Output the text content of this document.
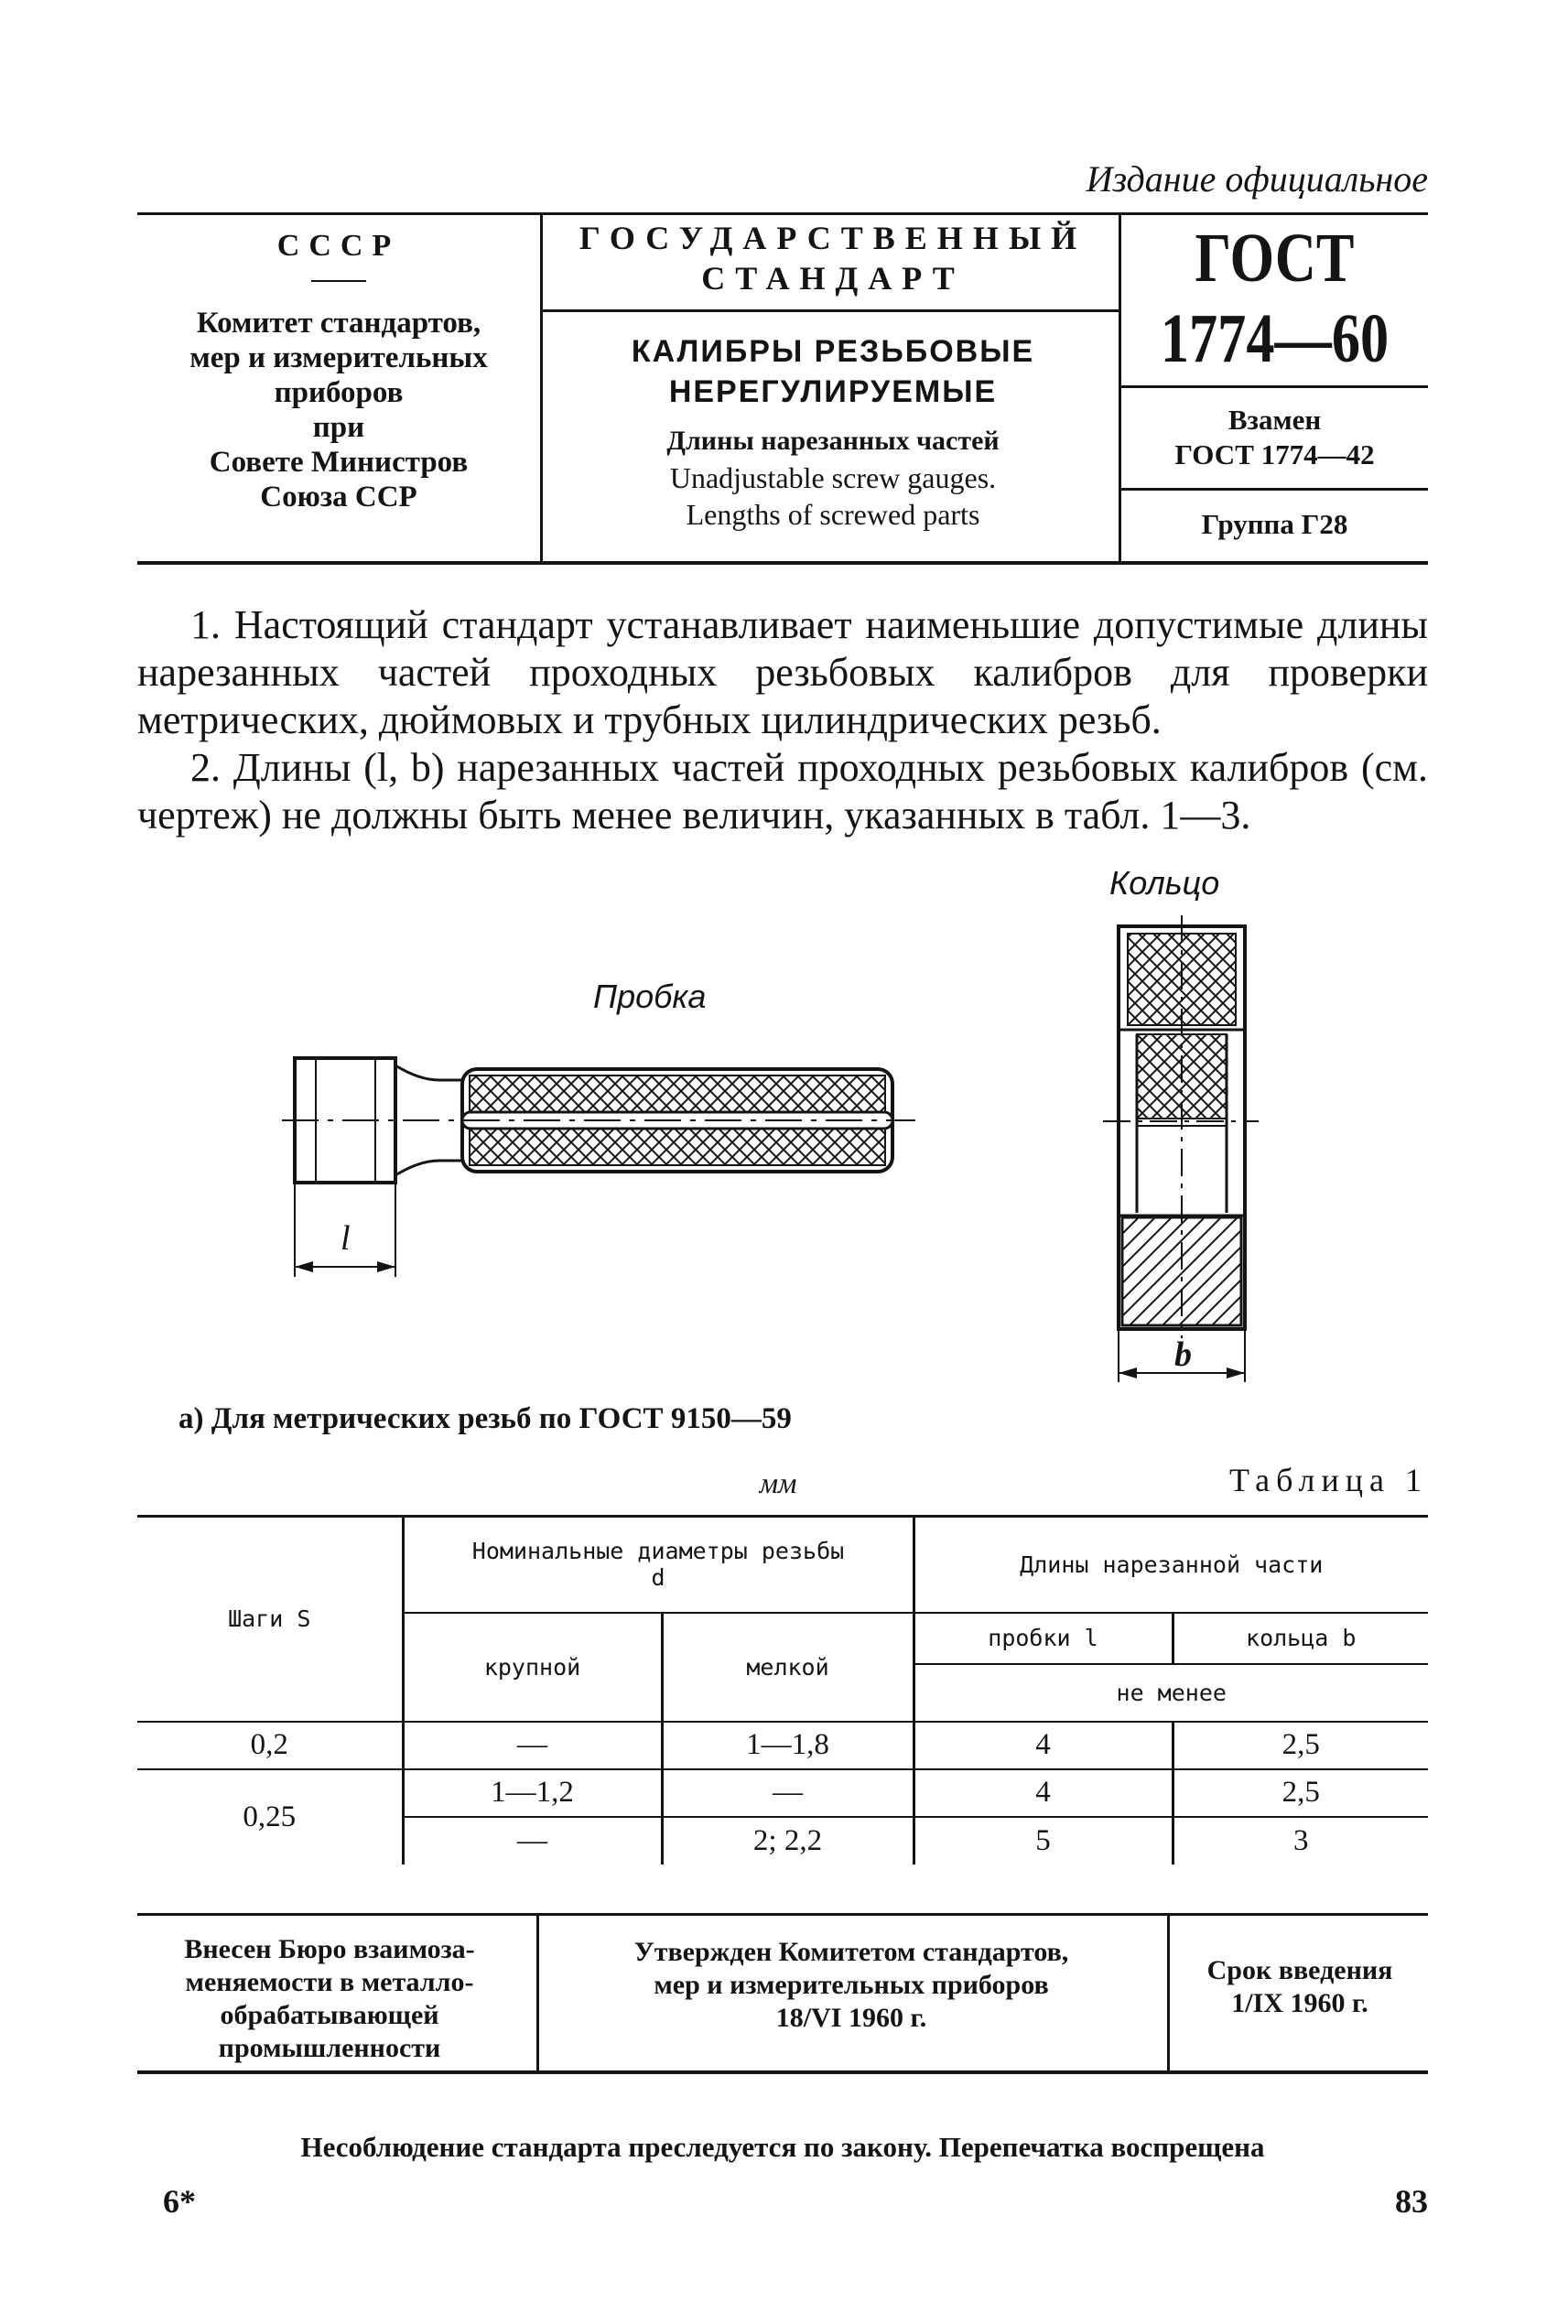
Издание официальное
СССР
Комитет стандартов,
мер и измерительных
приборов
при
Совете Министров
Союза ССР
ГОСУДАРСТВЕННЫЙ
СТАНДАРТ
КАЛИБРЫ РЕЗЬБОВЫЕ
НЕРЕГУЛИРУЕМЫЕ
Длины нарезанных частей
Unadjustable screw gauges.
Lengths of screwed parts
ГОСТ
1774—60
Взамен
ГОСТ 1774—42
Группа Г28

1. Настоящий стандарт устанавливает наименьшие допустимые длины нарезанных частей проходных резьбовых калибров для проверки метрических, дюймовых и трубных цилиндрических резьб.

2. Длины (l, b) нарезанных частей проходных резьбовых калибров (см. чертеж) не должны быть менее величин, указанных в табл. 1—3.

Пробка
Кольцо
l
b
а) Для метрических резьб по ГОСТ 9150—59
Таблица 1
мм
Шаги S	Номинальные диаметры резьбы d		Длины нарезанной части	
	крупной	мелкой	пробки l	кольца b
			не менее	
0,2	—	1—1,8	4	2,5
0,25	1—1,2	—	4	2,5
	—	2; 2,2	5	3
Внесен Бюро взаимоза-
меняемости в металло-
обрабатывающей
промышленности
Утвержден Комитетом стандартов,
мер и измерительных приборов
18/VI 1960 г.
Срок введения
1/IX 1960 г.
Несоблюдение стандарта преследуется по закону. Перепечатка воспрещена
6*	83
